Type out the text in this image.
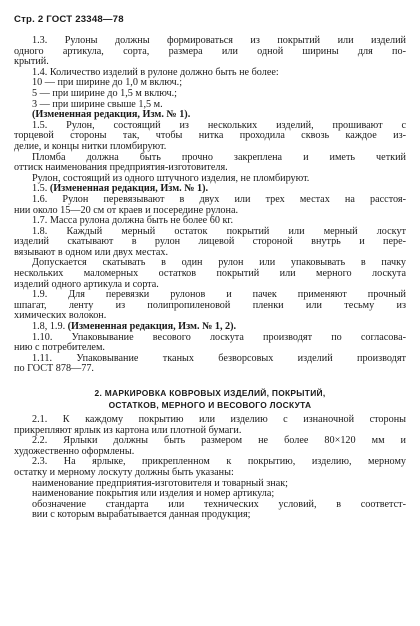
Стр. 2 ГОСТ 23348—78
1.3. Рулоны должны формироваться из покрытий или изделий
одного артикула, сорта, размера или одной ширины для по-
крытий.
1.4. Количество изделий в рулоне должно быть не более:
10 — при ширине до 1,0 м включ.;
5 — при ширине до 1,5 м включ.;
3 — при ширине свыше 1,5 м.
(Измененная редакция, Изм. № 1).
1.5. Рулон, состоящий из нескольких изделий, прошивают с
торцевой стороны так, чтобы нитка проходила сквозь каждое из-
делие, и концы нитки пломбируют.
Пломба должна быть прочно закреплена и иметь четкий
оттиск наименования предприятия-изготовителя.
Рулон, состоящий из одного штучного изделия, не пломбируют.
1.5. (Измененная редакция, Изм. № 1).
1.6. Рулон перевязывают в двух или трех местах на расстоя-
нии около 15—20 см от краев и посередине рулона.
1.7. Масса рулона должна быть не более 60 кг.
1.8. Каждый мерный остаток покрытий или мерный лоскут
изделий скатывают в рулон лицевой стороной внутрь и пере-
вязывают в одном или двух местах.
Допускается скатывать в один рулон или упаковывать в пачку
нескольких маломерных остатков покрытий или мерного лоскута
изделий одного артикула и сорта.
1.9. Для перевязки рулонов и пачек применяют прочный
шпагат, ленту из полипропиленовой пленки или тесьму из
химических волокон.
1.8, 1.9. (Измененная редакция, Изм. № 1, 2).
1.10. Упаковывание весового лоскута производят по согласова-
нию с потребителем.
1.11. Упаковывание тканых безворсовых изделий производят
по ГОСТ 878—77.
2. МАРКИРОВКА КОВРОВЫХ ИЗДЕЛИЙ, ПОКРЫТИЙ,
ОСТАТКОВ, МЕРНОГО И ВЕСОВОГО ЛОСКУТА
2.1. К каждому покрытию или изделию с изнаночной стороны
прикрепляют ярлык из картона или плотной бумаги.
2.2. Ярлыки должны быть размером не более 80×120 мм и
художественно оформлены.
2.3. На ярлыке, прикрепленном к покрытию, изделию, мерному
остатку и мерному лоскуту должны быть указаны:
наименование предприятия-изготовителя и товарный знак;
наименование покрытия или изделия и номер артикула;
обозначение стандарта или технических условий, в соответст-
вии с которым вырабатывается данная продукция;
